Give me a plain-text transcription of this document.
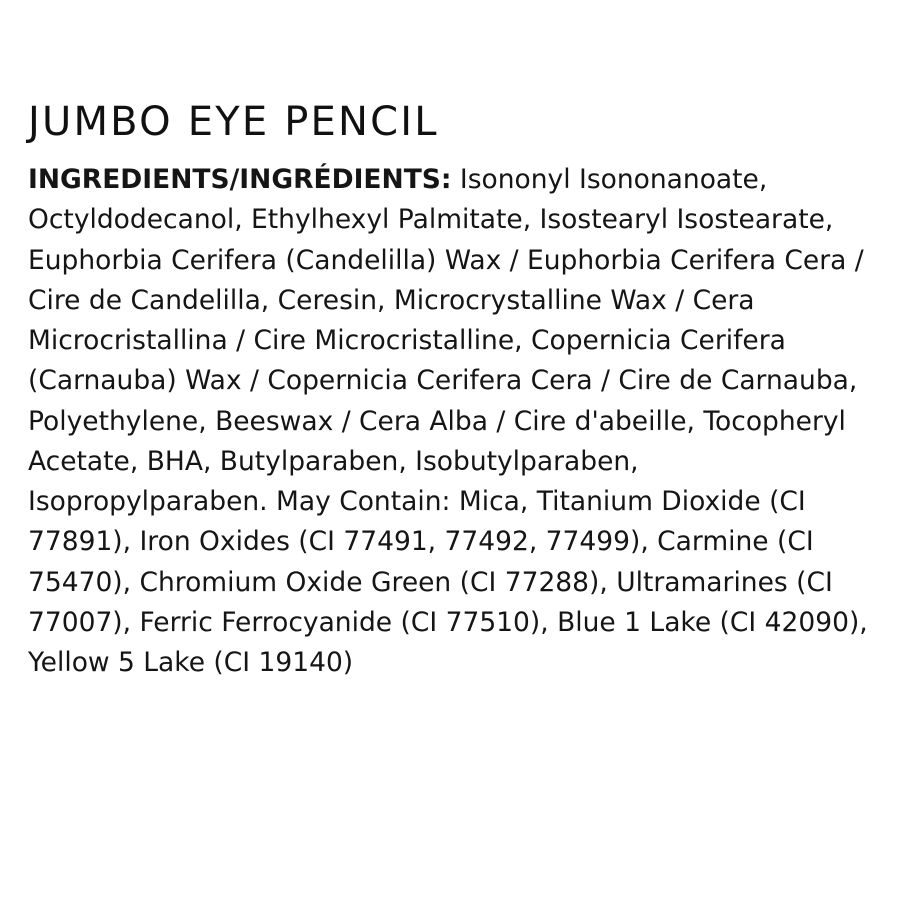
JUMBO EYE PENCIL

INGREDIENTS/INGRÉDIENTS: Isononyl Isononanoate, Octyldodecanol, Ethylhexyl Palmitate, Isostearyl Isostearate, Euphorbia Cerifera (Candelilla) Wax / Euphorbia Cerifera Cera / Cire de Candelilla, Ceresin, Microcrystalline Wax / Cera Microcristallina / Cire Microcristalline, Copernicia Cerifera (Carnauba) Wax / Copernicia Cerifera Cera / Cire de Carnauba, Polyethylene, Beeswax / Cera Alba / Cire d'abeille, Tocopheryl Acetate, BHA, Butylparaben, Isobutylparaben, Isopropylparaben. May Contain: Mica, Titanium Dioxide (CI 77891), Iron Oxides (CI 77491, 77492, 77499), Carmine (CI 75470), Chromium Oxide Green (CI 77288), Ultramarines (CI 77007), Ferric Ferrocyanide (CI 77510), Blue 1 Lake (CI 42090), Yellow 5 Lake (CI 19140)
